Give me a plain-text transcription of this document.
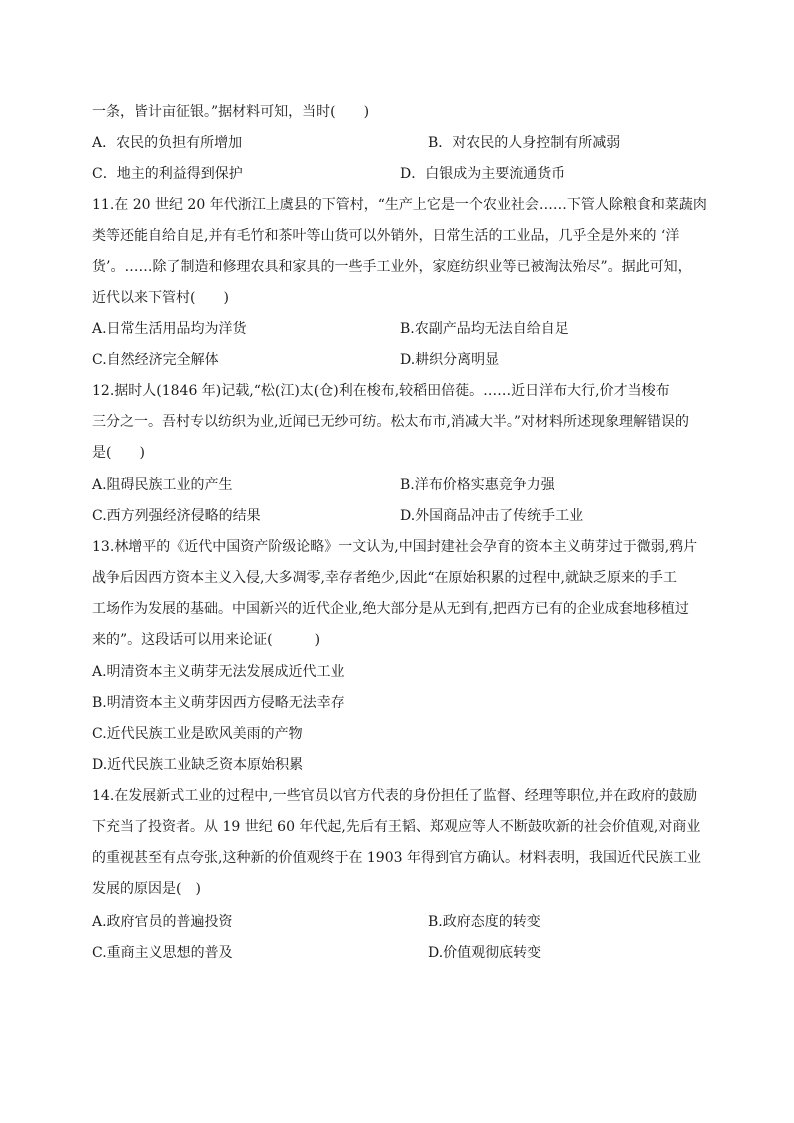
一条，皆计亩征银。”据材料可知，当时(　　)
A．农民的负担有所增加	B．对农民的人身控制有所减弱
C．地主的利益得到保护	D．白银成为主要流通货币
11.在 20 世纪 20 年代浙江上虞县的下管村，“生产上它是一个农业社会……下管人除粮食和菜蔬肉
类等还能自给自足,并有毛竹和茶叶等山货可以外销外，日常生活的工业品，几乎全是外来的 ‘洋
货’。……除了制造和修理农具和家具的一些手工业外，家庭纺织业等已被淘汰殆尽”。据此可知，
近代以来下管村(　　)
A.日常生活用品均为洋货	B.农副产品均无法自给自足
C.自然经济完全解体	D.耕织分离明显
12.据时人(1846 年)记载,“松(江)太(仓)利在梭布,较稻田倍蓰。……近日洋布大行,价才当梭布
三分之一。吾村专以纺织为业,近闻已无纱可纺。松太布市,消减大半。”对材料所述现象理解错误的
是(　　)
A.阻碍民族工业的产生	B.洋布价格实惠竞争力强
C.西方列强经济侵略的结果	D.外国商品冲击了传统手工业
13.林增平的《近代中国资产阶级论略》一文认为,中国封建社会孕育的资本主义萌芽过于微弱,鸦片
战争后因西方资本主义入侵,大多凋零,幸存者绝少,因此“在原始积累的过程中,就缺乏原来的手工
工场作为发展的基础。中国新兴的近代企业,绝大部分是从无到有,把西方已有的企业成套地移植过
来的”。这段话可以用来论证(　　　)
A.明清资本主义萌芽无法发展成近代工业
B.明清资本主义萌芽因西方侵略无法幸存
C.近代民族工业是欧风美雨的产物
D.近代民族工业缺乏资本原始积累
14.在发展新式工业的过程中,一些官员以官方代表的身份担任了监督、经理等职位,并在政府的鼓励
下充当了投资者。从 19 世纪 60 年代起,先后有王韬、郑观应等人不断鼓吹新的社会价值观,对商业
的重视甚至有点夸张,这种新的价值观终于在 1903 年得到官方确认。材料表明，我国近代民族工业
发展的原因是(　)
A.政府官员的普遍投资	B.政府态度的转变
C.重商主义思想的普及	D.价值观彻底转变
